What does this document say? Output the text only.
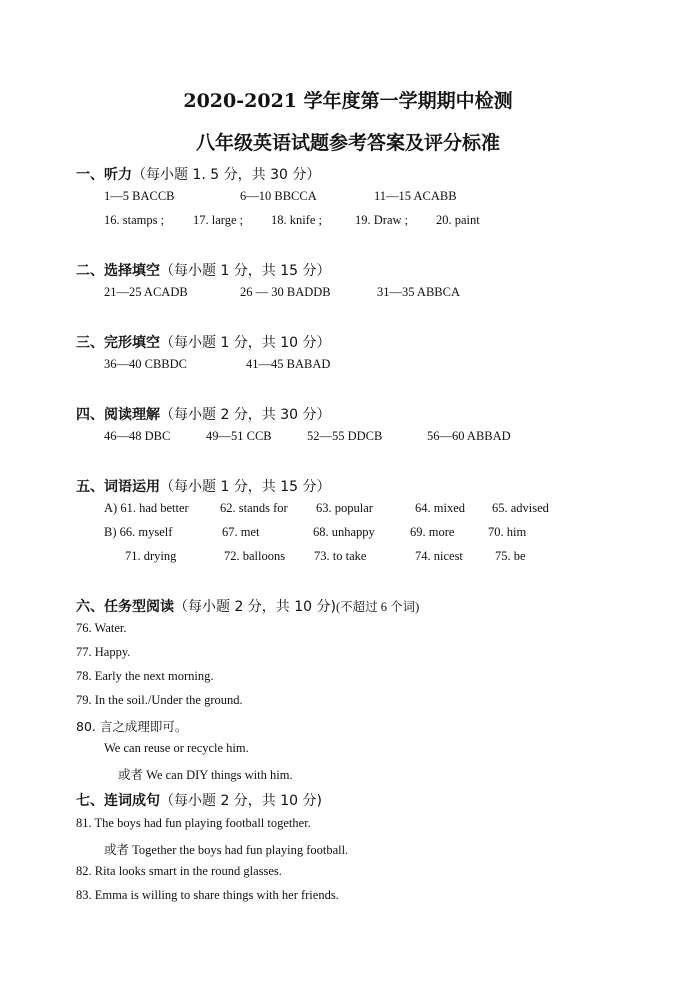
2020-2021 学年度第一学期期中检测
八年级英语试题参考答案及评分标准
一、听力（每小题 1. 5 分，共 30 分）
1—5 BACCB	6—10 BBCCA	11—15 ACABB
16. stamps ; 17. large ; 18. knife ;	19. Draw ; 20. paint
二、选择填空（每小题 1 分，共 15 分）
21—25 ACADB	26 — 30 BADDB	31—35 ABBCA
三、完形填空（每小题 1 分，共 10 分）
36—40 CBBDC	41—45 BABAD
四、阅读理解（每小题 2 分，共 30 分）
46—48 DBC	49—51 CCB	52—55 DDCB	56—60 ABBAD
五、词语运用（每小题 1 分，共 15 分）
A) 61. had better	62. stands for 63. popular	64. mixed 65. advised
B) 66. myself	67. met	68. unhappy	69. more	70. him
71. drying	72. balloons 73. to take	74. nicest	75. be
六、任务型阅读（每小题 2 分，共 10 分)(不超过 6 个词)
76. Water.
77. Happy.
78. Early the next morning.
79. In the soil./Under the ground.
80. 言之成理即可。
We can reuse or recycle him.
或者 We can DIY things with him.
七、连词成句（每小题 2 分，共 10 分)
81. The boys had fun playing football together.
或者 Together the boys had fun playing football.
82. Rita looks smart in the round glasses.
83. Emma is willing to share things with her friends.
